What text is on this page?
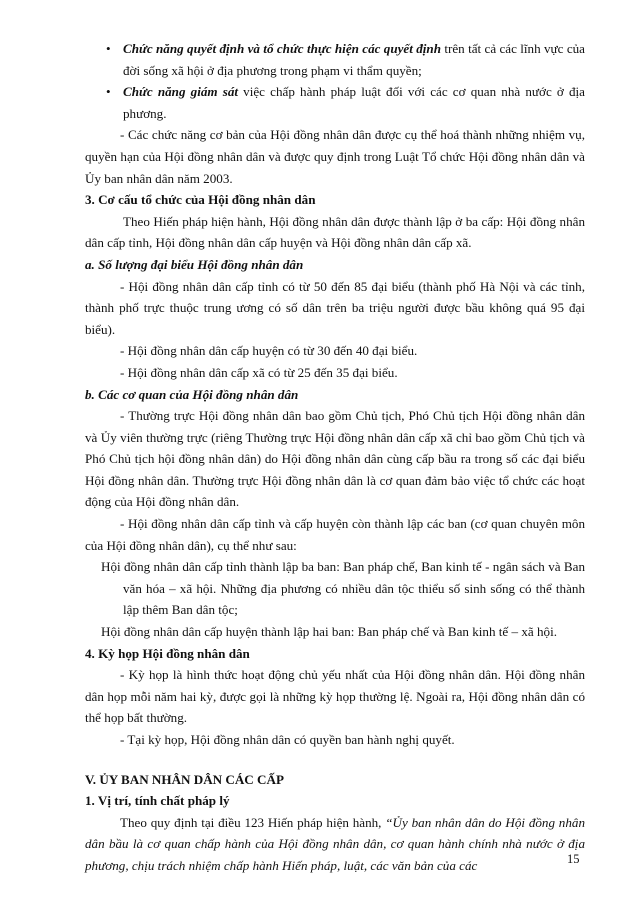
• Chức năng quyết định và tổ chức thực hiện các quyết định trên tất cả các lĩnh vực của đời sống xã hội ở địa phương trong phạm vi thẩm quyền;

• Chức năng giám sát việc chấp hành pháp luật đối với các cơ quan nhà nước ở địa phương.

- Các chức năng cơ bản của Hội đồng nhân dân được cụ thể hoá thành những nhiệm vụ, quyền hạn của Hội đồng nhân dân và được quy định trong Luật Tổ chức Hội đồng nhân dân và Ủy ban nhân dân năm 2003.

3. Cơ cấu tổ chức của Hội đồng nhân dân

Theo Hiến pháp hiện hành, Hội đồng nhân dân được thành lập ở ba cấp: Hội đồng nhân dân cấp tỉnh, Hội đồng nhân dân cấp huyện và Hội đồng nhân dân cấp xã.

a. Số lượng đại biểu Hội đồng nhân dân

- Hội đồng nhân dân cấp tỉnh có từ 50 đến 85 đại biểu (thành phố Hà Nội và các tỉnh, thành phố trực thuộc trung ương có số dân trên ba triệu người được bầu không quá 95 đại biểu).

- Hội đồng nhân dân cấp huyện có từ 30 đến 40 đại biểu.

- Hội đồng nhân dân cấp xã có từ 25 đến 35 đại biểu.

b. Các cơ quan của Hội đồng nhân dân

- Thường trực Hội đồng nhân dân bao gồm Chủ tịch, Phó Chủ tịch Hội đồng nhân dân và Ủy viên thường trực (riêng Thường trực Hội đồng nhân dân cấp xã chỉ bao gồm Chủ tịch và Phó Chủ tịch hội đồng nhân dân) do Hội đồng nhân dân cùng cấp bầu ra trong số các đại biểu Hội đồng nhân dân. Thường trực Hội đồng nhân dân là cơ quan đảm bảo việc tổ chức các hoạt động của Hội đồng nhân dân.

- Hội đồng nhân dân cấp tỉnh và cấp huyện còn thành lập các ban (cơ quan chuyên môn của Hội đồng nhân dân), cụ thể như sau:

Hội đồng nhân dân cấp tỉnh thành lập ba ban: Ban pháp chế, Ban kinh tế - ngân sách và Ban văn hóa – xã hội. Những địa phương có nhiều dân tộc thiểu số sinh sống có thể thành lập thêm Ban dân tộc;

Hội đồng nhân dân cấp huyện thành lập hai ban: Ban pháp chế và Ban kinh tế – xã hội.

4. Kỳ họp Hội đồng nhân dân

- Kỳ họp là hình thức hoạt động chủ yếu nhất của Hội đồng nhân dân. Hội đồng nhân dân họp mỗi năm hai kỳ, được gọi là những kỳ họp thường lệ. Ngoài ra, Hội đồng nhân dân có thể họp bất thường.

- Tại kỳ họp, Hội đồng nhân dân có quyền ban hành nghị quyết.

V. ỦY BAN NHÂN DÂN CÁC CẤP

1. Vị trí, tính chất pháp lý

Theo quy định tại điều 123 Hiến pháp hiện hành, “Ủy ban nhân dân do Hội đồng nhân dân bầu là cơ quan chấp hành của Hội đồng nhân dân, cơ quan hành chính nhà nước ở địa phương, chịu trách nhiệm chấp hành Hiến pháp, luật, các văn bản của các	15
